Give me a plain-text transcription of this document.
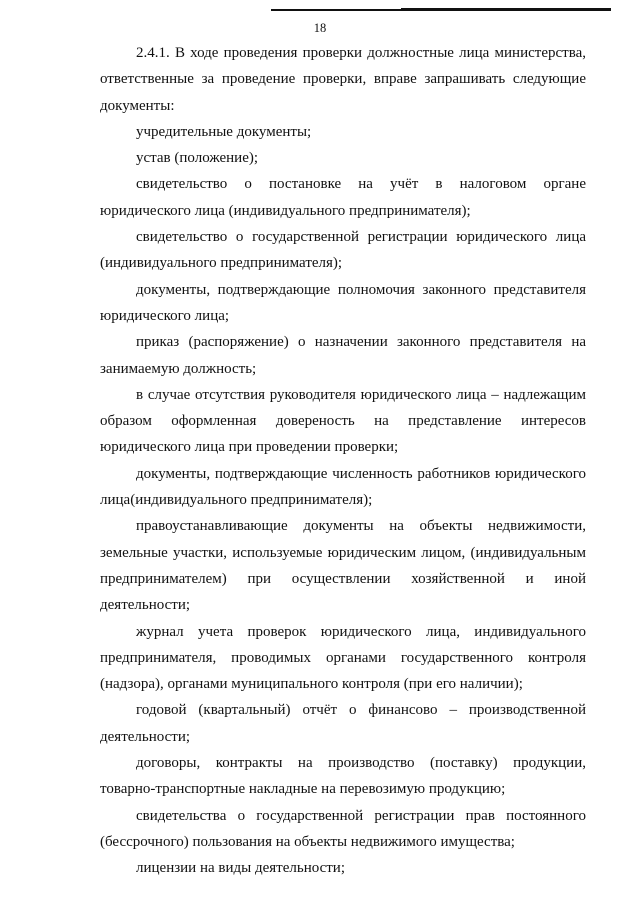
18

2.4.1. В ходе проведения проверки должностные лица министерства, ответственные за проведение проверки, вправе запрашивать следующие документы:

учредительные документы;

устав (положение);

свидетельство о постановке на учёт в налоговом органе юридического лица (индивидуального предпринимателя);

свидетельство о государственной регистрации юридического лица (индивидуального предпринимателя);

документы, подтверждающие полномочия законного представителя юридического лица;

приказ (распоряжение) о назначении законного представителя на занимаемую должность;

в случае отсутствия руководителя юридического лица – надлежащим образом оформленная довереность на представление интересов юридического лица при проведении проверки;

документы, подтверждающие численность работников юридического лица(индивидуального предпринимателя);

правоустанавливающие документы на объекты недвижимости, земельные участки, используемые юридическим лицом, (индивидуальным предпринимателем) при осуществлении хозяйственной и иной деятельности;

журнал учета проверок юридического лица, индивидуального предпринимателя, проводимых органами государственного контроля (надзора), органами муниципального контроля (при его наличии);

годовой (квартальный) отчёт о финансово – производственной деятельности;

договоры, контракты на производство (поставку) продукции, товарно-транспортные накладные на перевозимую продукцию;

свидетельства о государственной регистрации прав постоянного (бессрочного) пользования на объекты недвижимого имущества;

лицензии на виды деятельности;
